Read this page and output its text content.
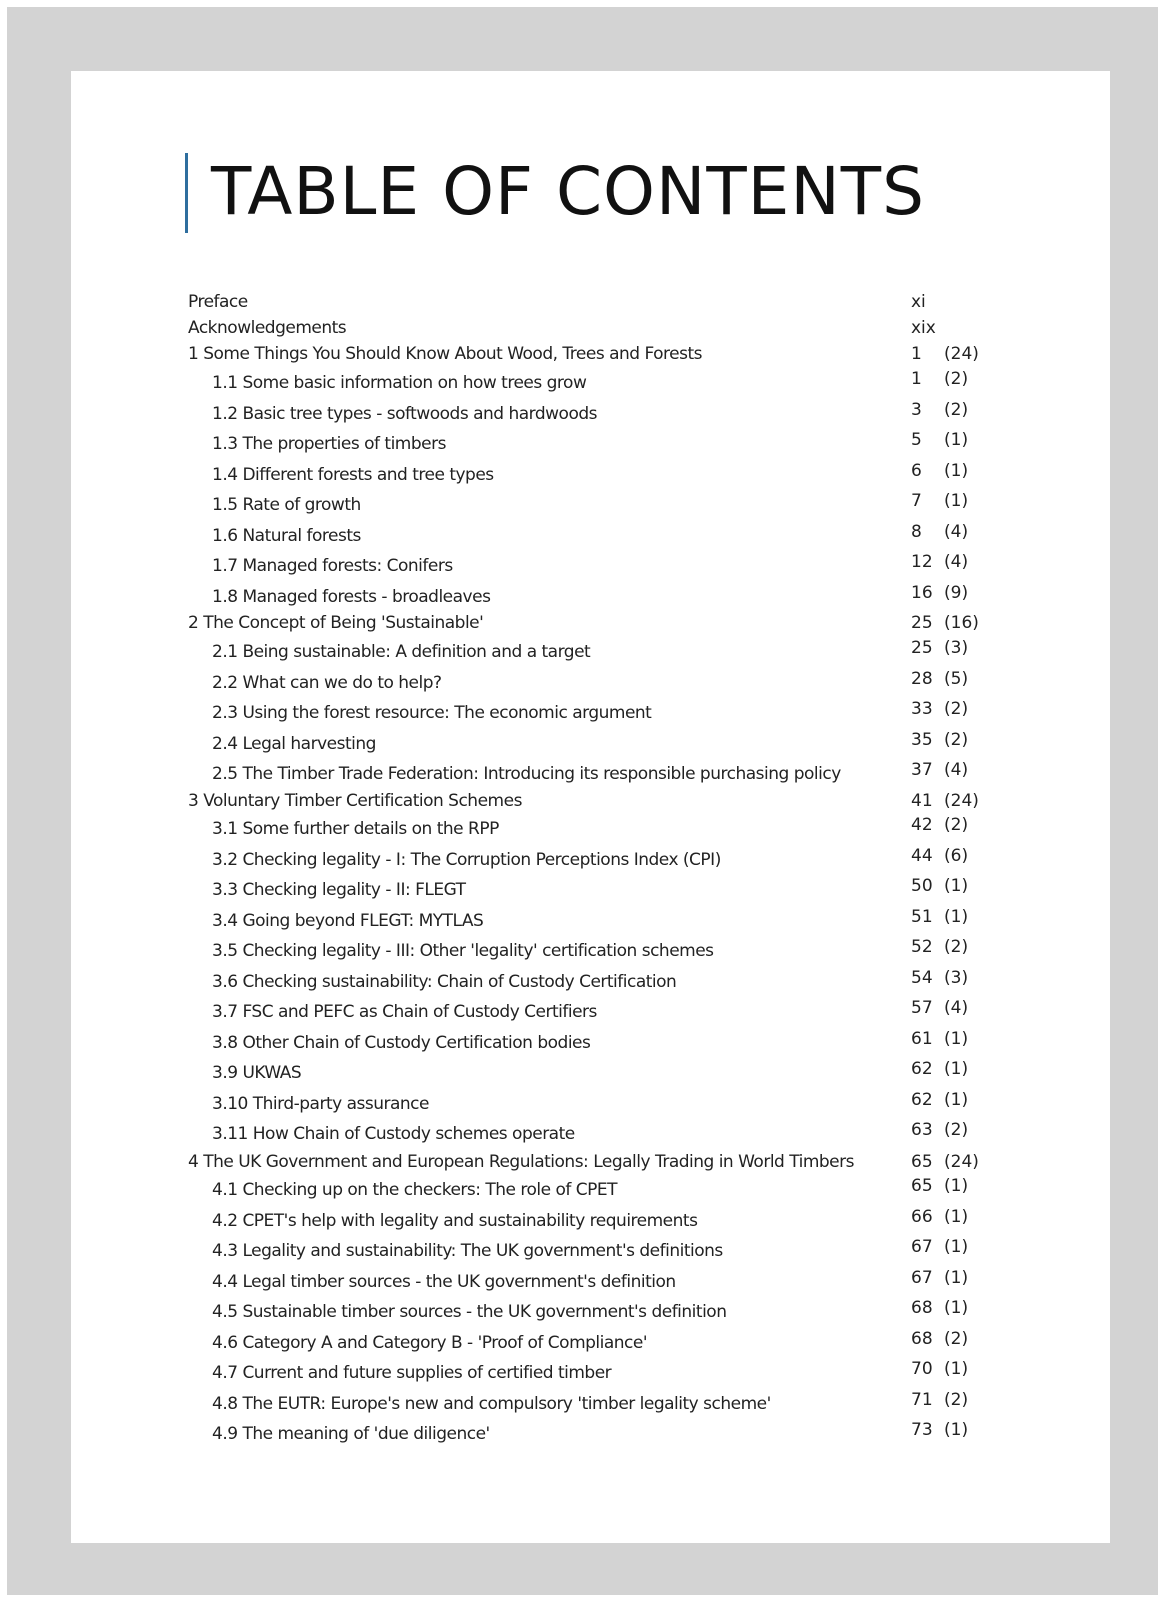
TABLE OF CONTENTS
Preface	xi
Acknowledgements	xix
1 Some Things You Should Know About Wood, Trees and Forests	1 (24)
1.1 Some basic information on how trees grow	1 (2)
1.2 Basic tree types - softwoods and hardwoods	3 (2)
1.3 The properties of timbers	5 (1)
1.4 Different forests and tree types	6 (1)
1.5 Rate of growth	7 (1)
1.6 Natural forests	8 (4)
1.7 Managed forests: Conifers	12 (4)
1.8 Managed forests - broadleaves	16 (9)
2 The Concept of Being 'Sustainable'	25 (16)
2.1 Being sustainable: A definition and a target	25 (3)
2.2 What can we do to help?	28 (5)
2.3 Using the forest resource: The economic argument	33 (2)
2.4 Legal harvesting	35 (2)
2.5 The Timber Trade Federation: Introducing its responsible purchasing policy	37 (4)
3 Voluntary Timber Certification Schemes	41 (24)
3.1 Some further details on the RPP	42 (2)
3.2 Checking legality - I: The Corruption Perceptions Index (CPI)	44 (6)
3.3 Checking legality - II: FLEGT	50 (1)
3.4 Going beyond FLEGT: MYTLAS	51 (1)
3.5 Checking legality - III: Other 'legality' certification schemes	52 (2)
3.6 Checking sustainability: Chain of Custody Certification	54 (3)
3.7 FSC and PEFC as Chain of Custody Certifiers	57 (4)
3.8 Other Chain of Custody Certification bodies	61 (1)
3.9 UKWAS	62 (1)
3.10 Third-party assurance	62 (1)
3.11 How Chain of Custody schemes operate	63 (2)
4 The UK Government and European Regulations: Legally Trading in World Timbers	65 (24)
4.1 Checking up on the checkers: The role of CPET	65 (1)
4.2 CPET's help with legality and sustainability requirements	66 (1)
4.3 Legality and sustainability: The UK government's definitions	67 (1)
4.4 Legal timber sources - the UK government's definition	67 (1)
4.5 Sustainable timber sources - the UK government's definition	68 (1)
4.6 Category A and Category B - 'Proof of Compliance'	68 (2)
4.7 Current and future supplies of certified timber	70 (1)
4.8 The EUTR: Europe's new and compulsory 'timber legality scheme'	71 (2)
4.9 The meaning of 'due diligence'	73 (1)
